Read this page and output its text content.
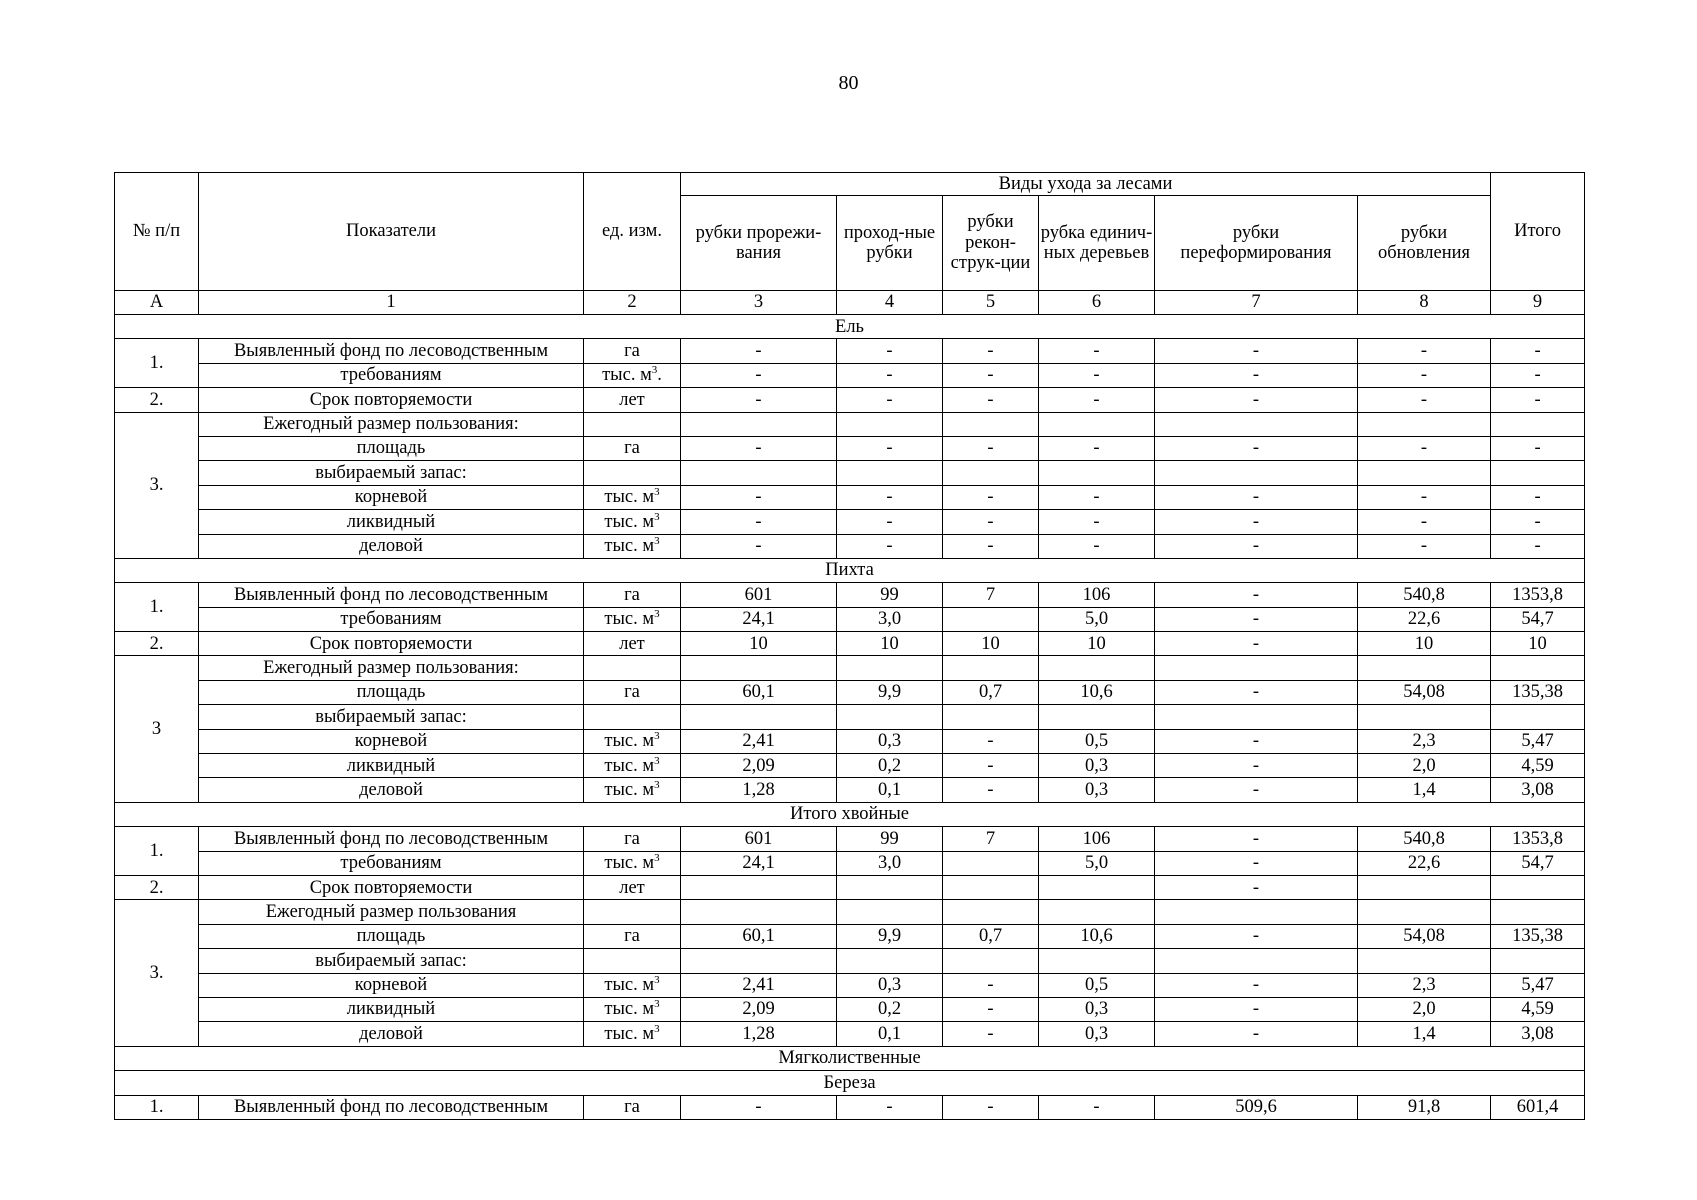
80
№ п/п	Показатели	ед. изм.	Виды ухода за лесами						Итого
			рубки прорежи-вания	проход-ные рубки	рубки рекон-струк-ции	рубка единич-ных деревьев	рубки переформирования	рубки обновления	
А	1	2	3	4	5	6	7	8	9
Ель									
1.	Выявленный фонд по лесоводственным	га	-	-	-	-	-	-	-
	требованиям	тыс. $м^3$.	-	-	-	-	-	-	-
2.	Срок повторяемости	лет	-	-	-	-	-	-	-
3.	Ежегодный размер пользования:								
	площадь	га	-	-	-	-	-	-	-
	выбираемый запас:								
	корневой	тыс. $м^3$	-	-	-	-	-	-	-
	ликвидный	тыс. $м^3$	-	-	-	-	-	-	-
	деловой	тыс. $м^3$	-	-	-	-	-	-	-
Пихта									
1.	Выявленный фонд по лесоводственным	га	601	99	7	106	-	540,8	1353,8
	требованиям	тыс. $м^3$	24,1	3,0		5,0	-	22,6	54,7
2.	Срок повторяемости	лет	10	10	10	10	-	10	10
3	Ежегодный размер пользования:								
	площадь	га	60,1	9,9	0,7	10,6	-	54,08	135,38
	выбираемый запас:								
	корневой	тыс. $м^3$	2,41	0,3	-	0,5	-	2,3	5,47
	ликвидный	тыс. $м^3$	2,09	0,2	-	0,3	-	2,0	4,59
	деловой	тыс. $м^3$	1,28	0,1	-	0,3	-	1,4	3,08
Итого хвойные									
1.	Выявленный фонд по лесоводственным	га	601	99	7	106	-	540,8	1353,8
	требованиям	тыс. $м^3$	24,1	3,0		5,0	-	22,6	54,7
2.	Срок повторяемости	лет					-		
3.	Ежегодный размер пользования								
	площадь	га	60,1	9,9	0,7	10,6	-	54,08	135,38
	выбираемый запас:								
	корневой	тыс. $м^3$	2,41	0,3	-	0,5	-	2,3	5,47
	ликвидный	тыс. $м^3$	2,09	0,2	-	0,3	-	2,0	4,59
	деловой	тыс. $м^3$	1,28	0,1	-	0,3	-	1,4	3,08
Мягколиственные									
Береза									
1.	Выявленный фонд по лесоводственным	га	-	-	-	-	509,6	91,8	601,4
